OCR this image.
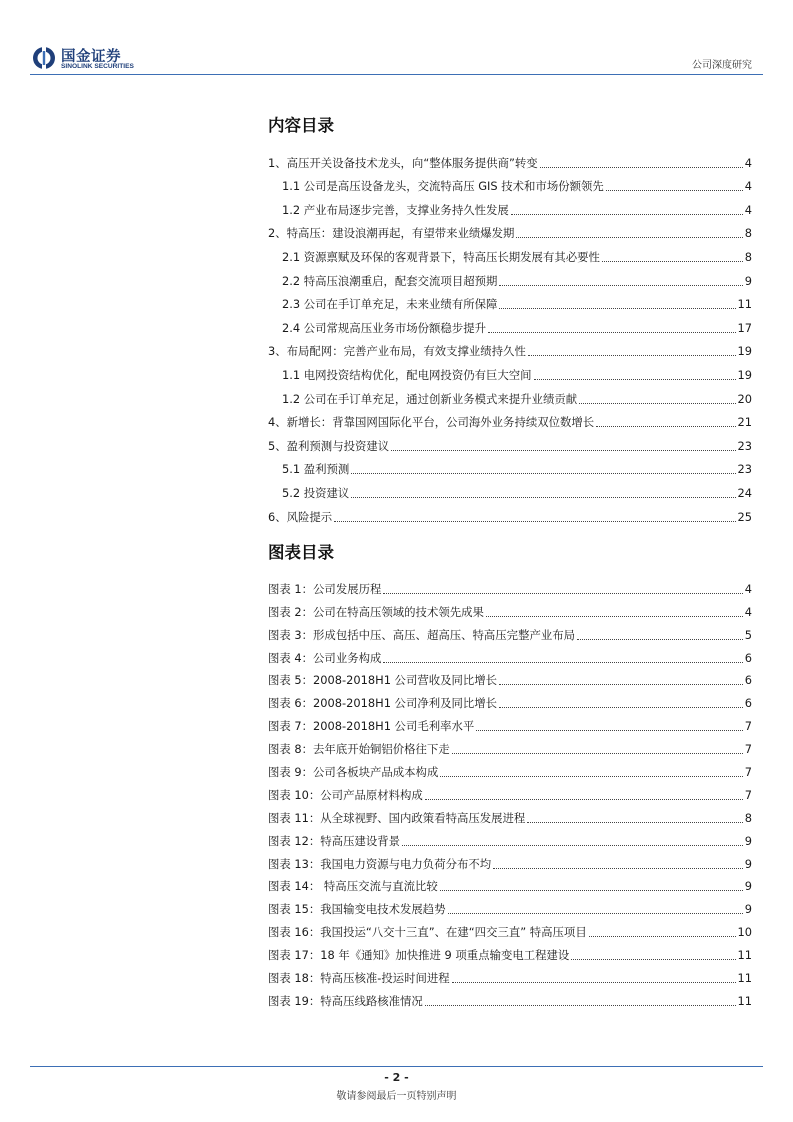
国金证券
SINOLINK SECURITIES	公司深度研究
内容目录
1、高压开关设备技术龙头，向“整体服务提供商”转变	4
1.1 公司是高压设备龙头，交流特高压 GIS 技术和市场份额领先	4
1.2 产业布局逐步完善，支撑业务持久性发展	4
2、特高压：建设浪潮再起，有望带来业绩爆发期	8
2.1 资源禀赋及环保的客观背景下，特高压长期发展有其必要性	8
2.2 特高压浪潮重启，配套交流项目超预期	9
2.3 公司在手订单充足，未来业绩有所保障	11
2.4 公司常规高压业务市场份额稳步提升	17
3、布局配网：完善产业布局，有效支撑业绩持久性	19
1.1 电网投资结构优化，配电网投资仍有巨大空间	19
1.2 公司在手订单充足，通过创新业务模式来提升业绩贡献	20
4、新增长：背靠国网国际化平台，公司海外业务持续双位数增长	21
5、盈利预测与投资建议	23
5.1 盈利预测	23
5.2 投资建议	24
6、风险提示	25
图表目录
图表 1：公司发展历程	4
图表 2：公司在特高压领域的技术领先成果	4
图表 3：形成包括中压、高压、超高压、特高压完整产业布局	5
图表 4：公司业务构成	6
图表 5：2008-2018H1 公司营收及同比增长	6
图表 6：2008-2018H1 公司净利及同比增长	6
图表 7：2008-2018H1 公司毛利率水平	7
图表 8：去年底开始铜铝价格往下走	7
图表 9：公司各板块产品成本构成	7
图表 10：公司产品原材料构成	7
图表 11：从全球视野、国内政策看特高压发展进程	8
图表 12：特高压建设背景	9
图表 13：我国电力资源与电力负荷分布不均	9
图表 14： 特高压交流与直流比较	9
图表 15：我国输变电技术发展趋势	9
图表 16：我国投运“八交十三直”、在建“四交三直” 特高压项目	10
图表 17：18 年《通知》加快推进 9 项重点输变电工程建设	11
图表 18：特高压核准-投运时间进程	11
图表 19：特高压线路核准情况	11
- 2 -
敬请参阅最后一页特别声明
